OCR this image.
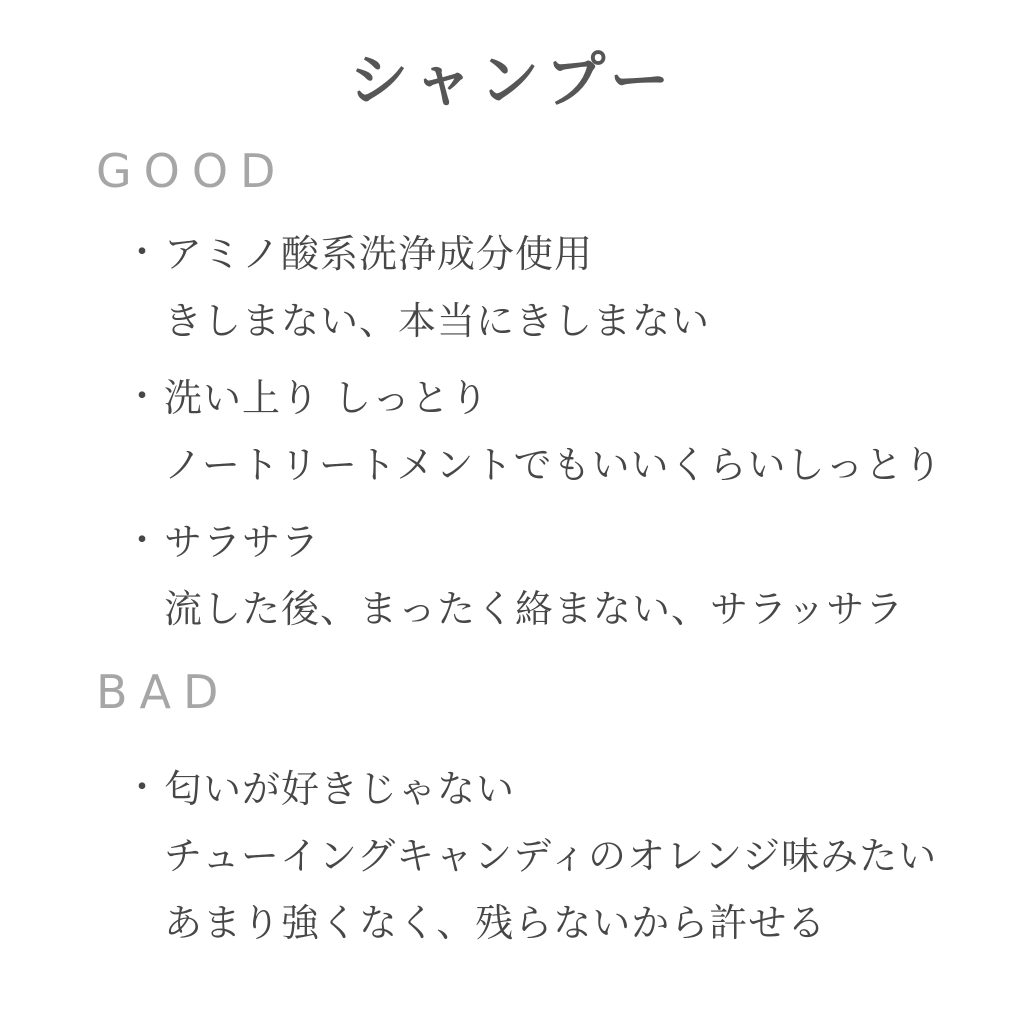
シャンプー
GOOD
・ アミノ酸系洗浄成分使用
きしまない、本当にきしまない
・ 洗い上り しっとり
ノートリートメントでもいいくらいしっとり
・ サラサラ
流した後、まったく絡まない、サラッサラ
BAD
・ 匂いが好きじゃない
チューイングキャンディのオレンジ味みたい
あまり強くなく、残らないから許せる
